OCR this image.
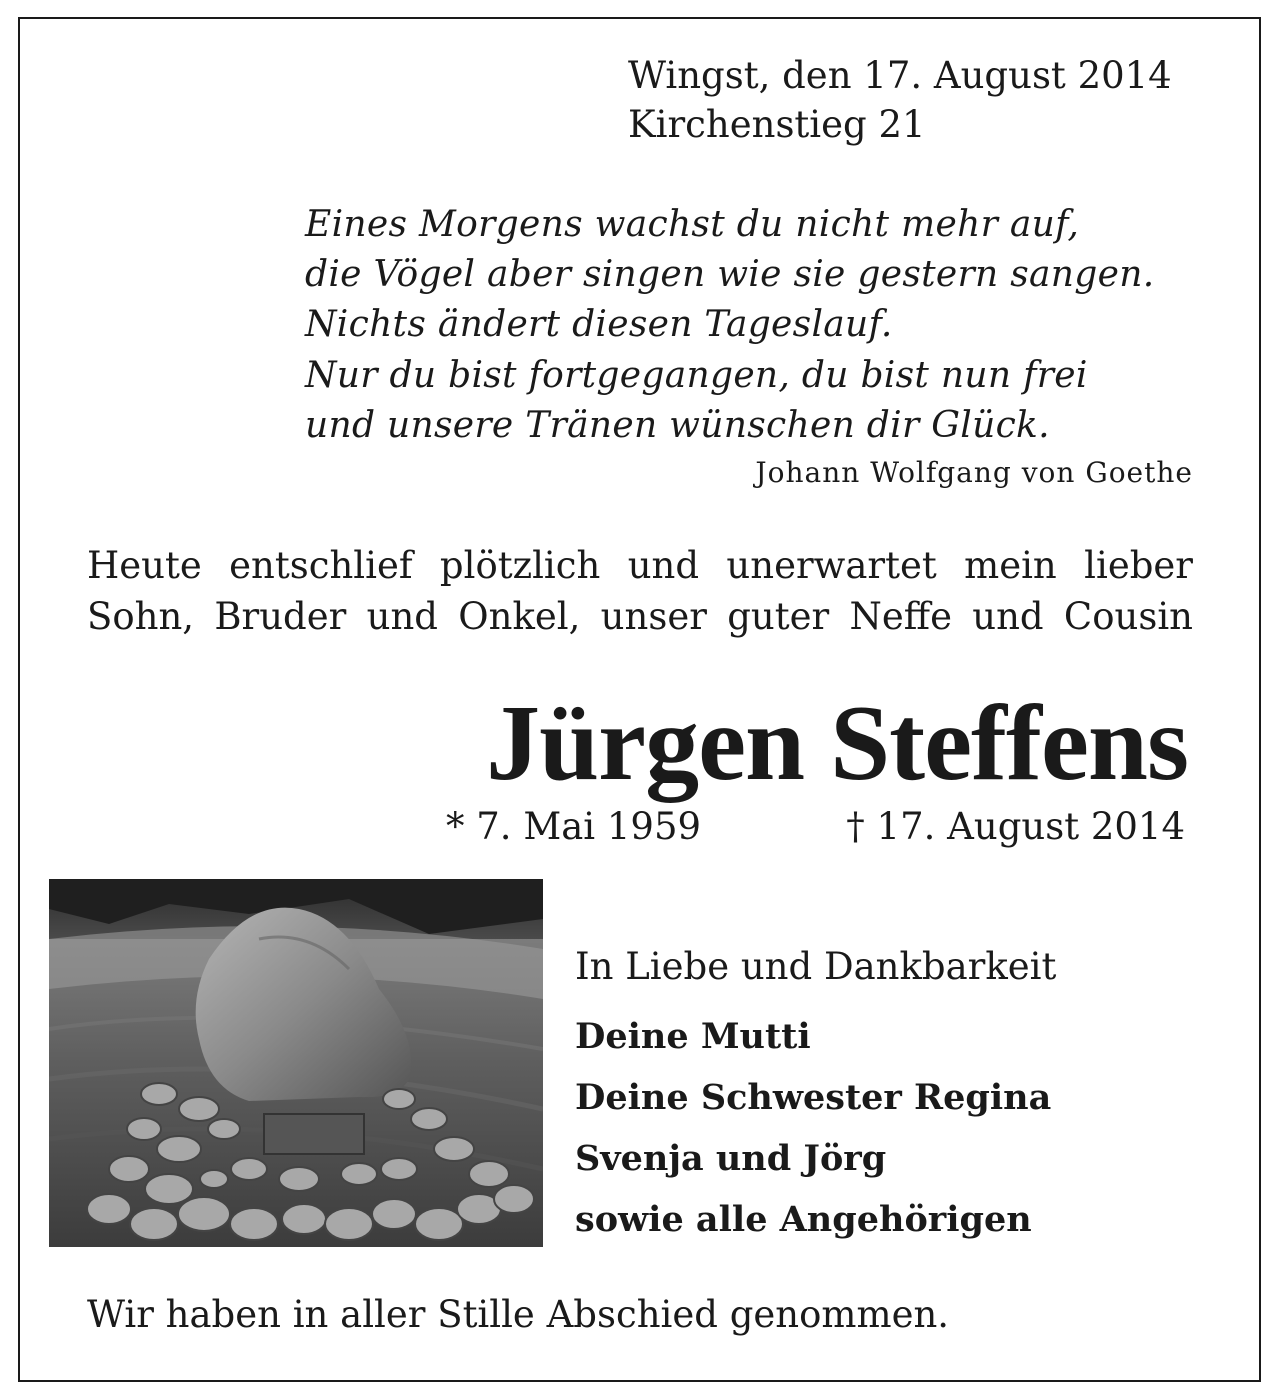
Wingst, den 17. August 2014
Kirchenstieg 21
Eines Morgens wachst du nicht mehr auf,
die Vögel aber singen wie sie gestern sangen.
Nichts ändert diesen Tageslauf.
Nur du bist fortgegangen, du bist nun frei
und unsere Tränen wünschen dir Glück.
Johann Wolfgang von Goethe
Heute entschlief plötzlich und unerwartet mein lieber
Sohn, Bruder und Onkel, unser guter Neffe und Cousin
Jürgen Steffens
* 7. Mai 1959	† 17. August 2014
In Liebe und Dankbarkeit
Deine Mutti
Deine Schwester Regina
Svenja und Jörg
sowie alle Angehörigen
Wir haben in aller Stille Abschied genommen.
